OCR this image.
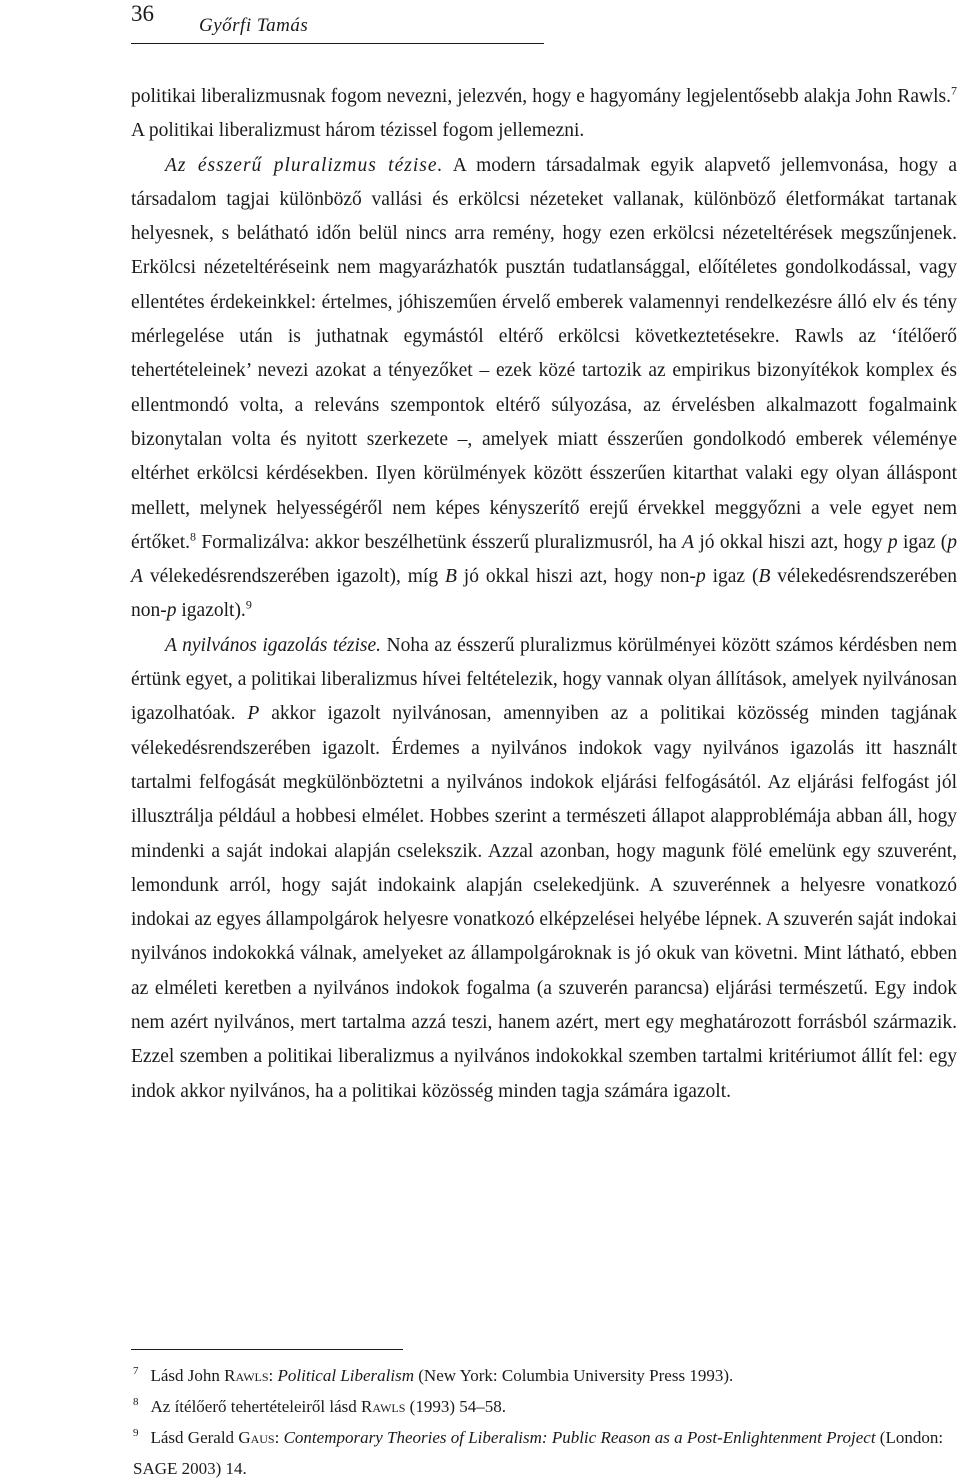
36 Győrfi Tamás

politikai liberalizmusnak fogom nevezni, jelezvén, hogy e hagyomány legjelentősebb alakja John Rawls.$^7$ A politikai liberalizmust három tézissel fogom jellemezni.

Az ésszerű pluralizmus tézise. A modern társadalmak egyik alapvető jellemvonása, hogy a társadalom tagjai különböző vallási és erkölcsi nézeteket vallanak, különböző életformákat tartanak helyesnek, s belátható időn belül nincs arra remény, hogy ezen erkölcsi nézeteltérések megszűnjenek. Erkölcsi nézeteltéréseink nem magyarázhatók pusztán tudatlansággal, előítéletes gondolkodással, vagy ellentétes érdekeinkkel: értelmes, jóhiszeműen érvelő emberek valamennyi rendelkezésre álló elv és tény mérlegelése után is juthatnak egymástól eltérő erkölcsi következtetésekre. Rawls az ‘ítélőerő tehertételeinek’ nevezi azokat a tényezőket – ezek közé tartozik az empirikus bizonyítékok komplex és ellentmondó volta, a releváns szempontok eltérő súlyozása, az érvelésben alkalmazott fogalmaink bizonytalan volta és nyitott szerkezete –, amelyek miatt ésszerűen gondolkodó emberek véleménye eltérhet erkölcsi kérdésekben. Ilyen körülmények között ésszerűen kitarthat valaki egy olyan álláspont mellett, melynek helyességéről nem képes kényszerítő erejű érvekkel meggyőzni a vele egyet nem értőket.$^8$ Formalizálva: akkor beszélhetünk ésszerű pluralizmusról, ha A jó okkal hiszi azt, hogy p igaz (p A vélekedésrendszerében igazolt), míg B jó okkal hiszi azt, hogy non-p igaz (B vélekedésrendszerében non-p igazolt).$^9$

A nyilvános igazolás tézise. Noha az ésszerű pluralizmus körülményei között számos kérdésben nem értünk egyet, a politikai liberalizmus hívei feltételezik, hogy vannak olyan állítások, amelyek nyilvánosan igazolhatóak. P akkor igazolt nyilvánosan, amennyiben az a politikai közösség minden tagjának vélekedésrendszerében igazolt. Érdemes a nyilvános indokok vagy nyilvános igazolás itt használt tartalmi felfogását megkülönböztetni a nyilvános indokok eljárási felfogásától. Az eljárási felfogást jól illusztrálja például a hobbesi elmélet. Hobbes szerint a természeti állapot alapproblémája abban áll, hogy mindenki a saját indokai alapján cselekszik. Azzal azonban, hogy magunk fölé emelünk egy szuverént, lemondunk arról, hogy saját indokaink alapján cselekedjünk. A szuverénnek a helyesre vonatkozó indokai az egyes állampolgárok helyesre vonatkozó elképzelései helyébe lépnek. A szuverén saját indokai nyilvános indokokká válnak, amelyeket az állampolgároknak is jó okuk van követni. Mint látható, ebben az elméleti keretben a nyilvános indokok fogalma (a szuverén parancsa) eljárási természetű. Egy indok nem azért nyilvános, mert tartalma azzá teszi, hanem azért, mert egy meghatározott forrásból származik. Ezzel szemben a politikai liberalizmus a nyilvános indokokkal szemben tartalmi kritériumot állít fel: egy indok akkor nyilvános, ha a politikai közösség minden tagja számára igazolt.

$^7$ Lásd John Rawls: Political Liberalism (New York: Columbia University Press 1993).

$^8$ Az ítélőerő tehertételeiről lásd Rawls (1993) 54–58.

$^9$ Lásd Gerald Gaus: Contemporary Theories of Liberalism: Public Reason as a Post-Enlightenment Project (London: SAGE 2003) 14.
